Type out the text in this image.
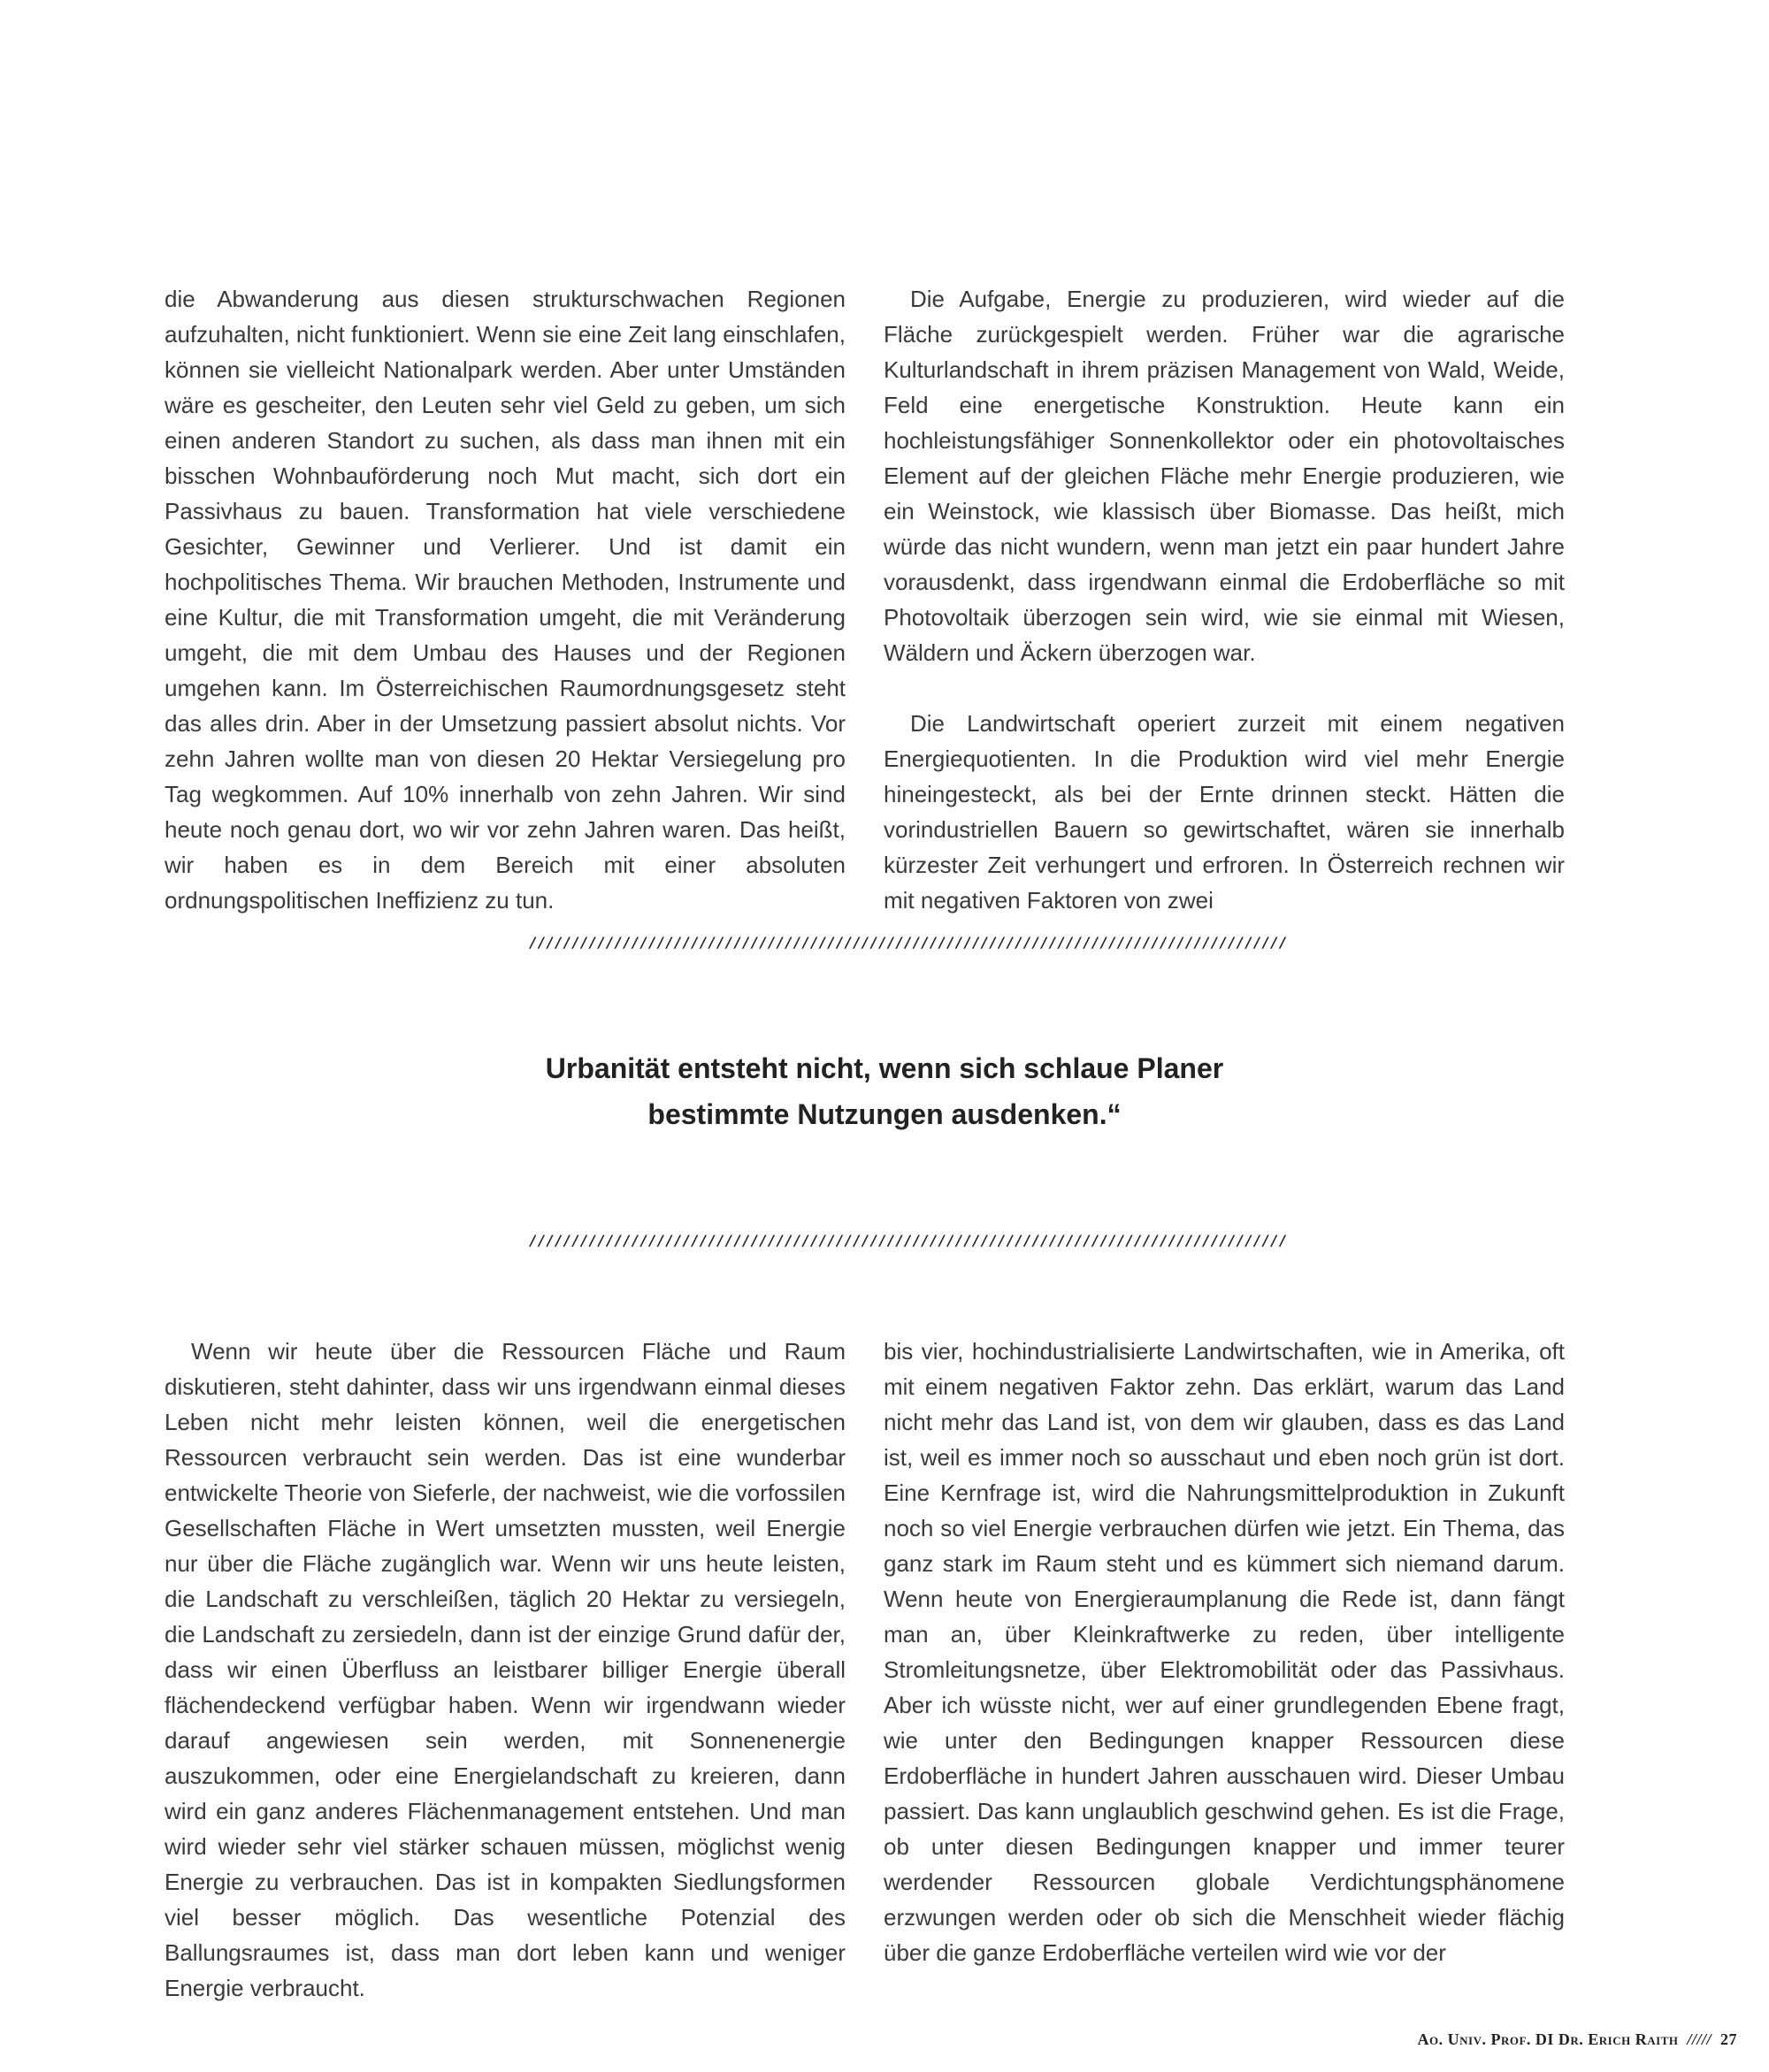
die Abwanderung aus diesen strukturschwachen Regionen aufzuhalten, nicht funktioniert. Wenn sie eine Zeit lang einschlafen, können sie vielleicht Nationalpark werden. Aber unter Umständen wäre es gescheiter, den Leuten sehr viel Geld zu geben, um sich einen anderen Standort zu suchen, als dass man ihnen mit ein bisschen Wohnbauförderung noch Mut macht, sich dort ein Passivhaus zu bauen. Transformation hat viele verschiedene Gesichter, Gewinner und Verlierer. Und ist damit ein hochpolitisches Thema. Wir brauchen Methoden, Instrumente und eine Kultur, die mit Transformation umgeht, die mit Veränderung umgeht, die mit dem Umbau des Hauses und der Regionen umgehen kann. Im Österreichischen Raumordnungsgesetz steht das alles drin. Aber in der Umsetzung passiert absolut nichts. Vor zehn Jahren wollte man von diesen 20 Hektar Versiegelung pro Tag wegkommen. Auf 10% innerhalb von zehn Jahren. Wir sind heute noch genau dort, wo wir vor zehn Jahren waren. Das heißt, wir haben es in dem Bereich mit einer absoluten ordnungspolitischen Ineffizienz zu tun.

Die Aufgabe, Energie zu produzieren, wird wieder auf die Fläche zurückgespielt werden. Früher war die agrarische Kulturlandschaft in ihrem präzisen Management von Wald, Weide, Feld eine energetische Konstruktion. Heute kann ein hochleistungsfähiger Sonnenkollektor oder ein photovoltaisches Element auf der gleichen Fläche mehr Energie produzieren, wie ein Weinstock, wie klassisch über Biomasse. Das heißt, mich würde das nicht wundern, wenn man jetzt ein paar hundert Jahre vorausdenkt, dass irgendwann einmal die Erdoberfläche so mit Photovoltaik überzogen sein wird, wie sie einmal mit Wiesen, Wäldern und Äckern überzogen war.

Die Landwirtschaft operiert zurzeit mit einem negativen Energiequotienten. In die Produktion wird viel mehr Energie hineingesteckt, als bei der Ernte drinnen steckt. Hätten die vorindustriellen Bauern so gewirtschaftet, wären sie innerhalb kürzester Zeit verhungert und erfroren. In Österreich rechnen wir mit negativen Faktoren von zwei

/////////////////////////////////////////////////////////////////////////////////////////
Urbanität entsteht nicht, wenn sich schlaue Planer
bestimmte Nutzungen ausdenken.“
/////////////////////////////////////////////////////////////////////////////////////////

Wenn wir heute über die Ressourcen Fläche und Raum diskutieren, steht dahinter, dass wir uns irgendwann einmal dieses Leben nicht mehr leisten können, weil die energetischen Ressourcen verbraucht sein werden. Das ist eine wunderbar entwickelte Theorie von Sieferle, der nachweist, wie die vorfossilen Gesellschaften Fläche in Wert umsetzten mussten, weil Energie nur über die Fläche zugänglich war. Wenn wir uns heute leisten, die Landschaft zu verschleißen, täglich 20 Hektar zu versiegeln, die Landschaft zu zersiedeln, dann ist der einzige Grund dafür der, dass wir einen Überfluss an leistbarer billiger Energie überall flächendeckend verfügbar haben. Wenn wir irgendwann wieder darauf angewiesen sein werden, mit Sonnenenergie auszukommen, oder eine Energielandschaft zu kreieren, dann wird ein ganz anderes Flächenmanagement entstehen. Und man wird wieder sehr viel stärker schauen müssen, möglichst wenig Energie zu verbrauchen. Das ist in kompakten Siedlungsformen viel besser möglich. Das wesentliche Potenzial des Ballungsraumes ist, dass man dort leben kann und weniger Energie verbraucht.

bis vier, hochindustrialisierte Landwirtschaften, wie in Amerika, oft mit einem negativen Faktor zehn. Das erklärt, warum das Land nicht mehr das Land ist, von dem wir glauben, dass es das Land ist, weil es immer noch so ausschaut und eben noch grün ist dort. Eine Kernfrage ist, wird die Nahrungsmittelproduktion in Zukunft noch so viel Energie verbrauchen dürfen wie jetzt. Ein Thema, das ganz stark im Raum steht und es kümmert sich niemand darum. Wenn heute von Energieraumplanung die Rede ist, dann fängt man an, über Kleinkraftwerke zu reden, über intelligente Stromleitungsnetze, über Elektromobilität oder das Passivhaus. Aber ich wüsste nicht, wer auf einer grundlegenden Ebene fragt, wie unter den Bedingungen knapper Ressourcen diese Erdoberfläche in hundert Jahren ausschauen wird. Dieser Umbau passiert. Das kann unglaublich geschwind gehen. Es ist die Frage, ob unter diesen Bedingungen knapper und immer teurer werdender Ressourcen globale Verdichtungsphänomene erzwungen werden oder ob sich die Menschheit wieder flächig über die ganze Erdoberfläche verteilen wird wie vor der

Ao. Univ. Prof. DI Dr. Erich Raith ///// 27
